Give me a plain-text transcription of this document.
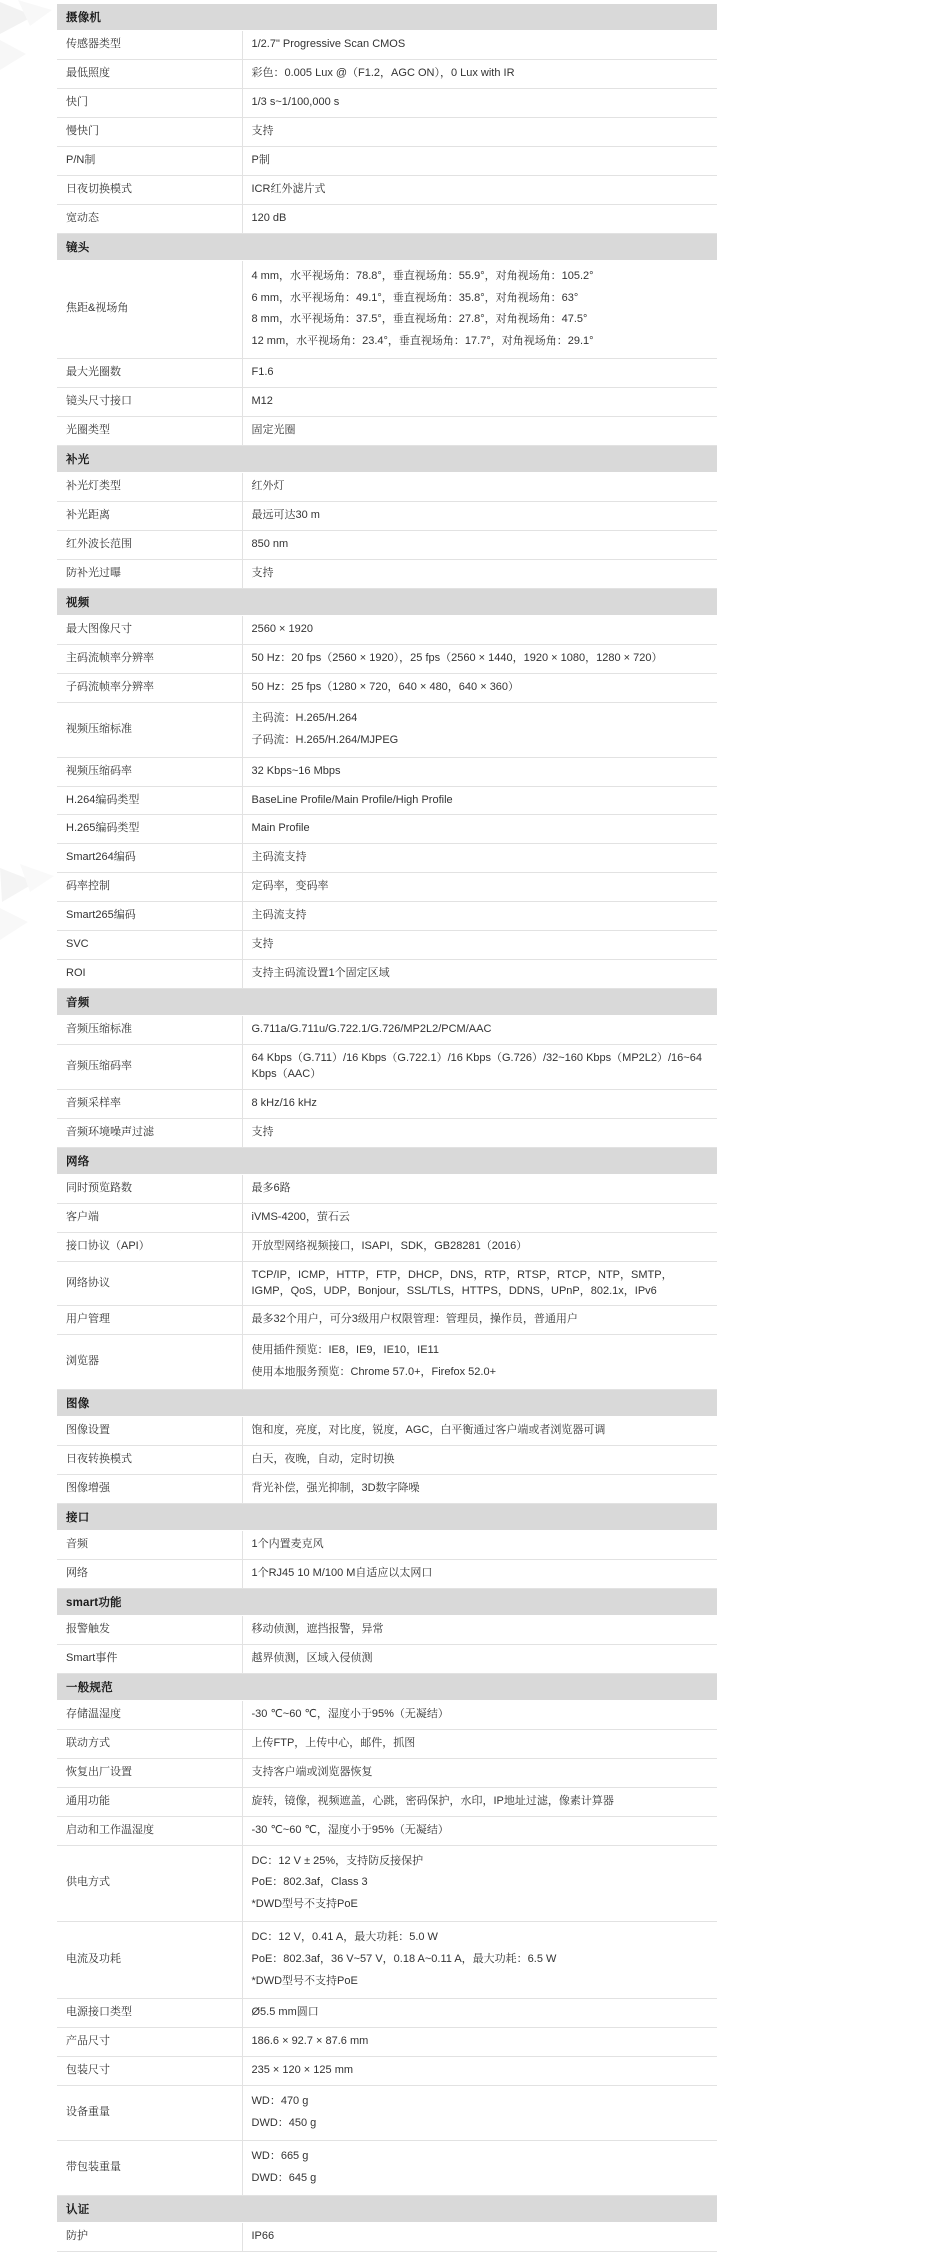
摄像机	
传感器类型	1/2.7" Progressive Scan CMOS

最低照度	彩色：0.005 Lux @（F1.2，AGC ON），0 Lux with IR

快门	1/3 s~1/100,000 s

慢快门	支持

P/N制	P制

日夜切换模式	ICR红外滤片式

宽动态	120 dB

镜头	
焦距&视场角	4 mm，水平视场角：78.8°，垂直视场角：55.9°，对角视场角：105.2°
6 mm，水平视场角：49.1°，垂直视场角：35.8°，对角视场角：63°
8 mm，水平视场角：37.5°，垂直视场角：27.8°，对角视场角：47.5°
12 mm，水平视场角：23.4°，垂直视场角：17.7°，对角视场角：29.1°

最大光圈数	F1.6

镜头尺寸接口	M12

光圈类型	固定光圈

补光	
补光灯类型	红外灯

补光距离	最远可达30 m

红外波长范围	850 nm

防补光过曝	支持

视频	
最大图像尺寸	2560 × 1920

主码流帧率分辨率	50 Hz：20 fps（2560 × 1920），25 fps（2560 × 1440，1920 × 1080，1280 × 720）

子码流帧率分辨率	50 Hz：25 fps（1280 × 720，640 × 480，640 × 360）

视频压缩标准	主码流：H.265/H.264
子码流：H.265/H.264/MJPEG

视频压缩码率	32 Kbps~16 Mbps

H.264编码类型	BaseLine Profile/Main Profile/High Profile

H.265编码类型	Main Profile

Smart264编码	主码流支持

码率控制	定码率，变码率

Smart265编码	主码流支持

SVC	支持

ROI	支持主码流设置1个固定区域

音频	
音频压缩标准	G.711a/G.711u/G.722.1/G.726/MP2L2/PCM/AAC

音频压缩码率	64 Kbps（G.711）/16 Kbps（G.722.1）/16 Kbps（G.726）/32~160 Kbps（MP2L2）/16~64 Kbps（AAC）

音频采样率	8 kHz/16 kHz

音频环境噪声过滤	支持

网络	
同时预览路数	最多6路

客户端	iVMS-4200，萤石云

接口协议（API）	开放型网络视频接口，ISAPI，SDK，GB28281（2016）

网络协议	TCP/IP，ICMP，HTTP，FTP，DHCP，DNS，RTP，RTSP，RTCP，NTP，SMTP，IGMP，QoS，UDP，Bonjour，SSL/TLS，HTTPS，DDNS，UPnP，802.1x，IPv6

用户管理	最多32个用户，可分3级用户权限管理：管理员，操作员，普通用户

浏览器	使用插件预览：IE8，IE9，IE10，IE11
使用本地服务预览：Chrome 57.0+，Firefox 52.0+

图像	
图像设置	饱和度，亮度，对比度，锐度，AGC，白平衡通过客户端或者浏览器可调

日夜转换模式	白天，夜晚，自动，定时切换

图像增强	背光补偿，强光抑制，3D数字降噪

接口	
音频	1个内置麦克风

网络	1个RJ45 10 M/100 M自适应以太网口

smart功能	
报警触发	移动侦测，遮挡报警，异常

Smart事件	越界侦测，区域入侵侦测

一般规范	
存储温湿度	-30 ℃~60 ℃，湿度小于95%（无凝结）

联动方式	上传FTP，上传中心，邮件，抓图

恢复出厂设置	支持客户端或浏览器恢复

通用功能	旋转，镜像，视频遮盖，心跳，密码保护，水印，IP地址过滤，像素计算器

启动和工作温湿度	-30 ℃~60 ℃，湿度小于95%（无凝结）

供电方式	DC：12 V ± 25%，支持防反接保护
PoE：802.3af，Class 3
*DWD型号不支持PoE

电流及功耗	DC：12 V，0.41 A，最大功耗：5.0 W
PoE：802.3af，36 V~57 V，0.18 A~0.11 A，最大功耗：6.5 W
*DWD型号不支持PoE

电源接口类型	Ø5.5 mm圆口

产品尺寸	186.6 × 92.7 × 87.6 mm

包装尺寸	235 × 120 × 125 mm

设备重量	WD：470 g
DWD：450 g

带包装重量	WD：665 g
DWD：645 g

认证	
防护	IP66
